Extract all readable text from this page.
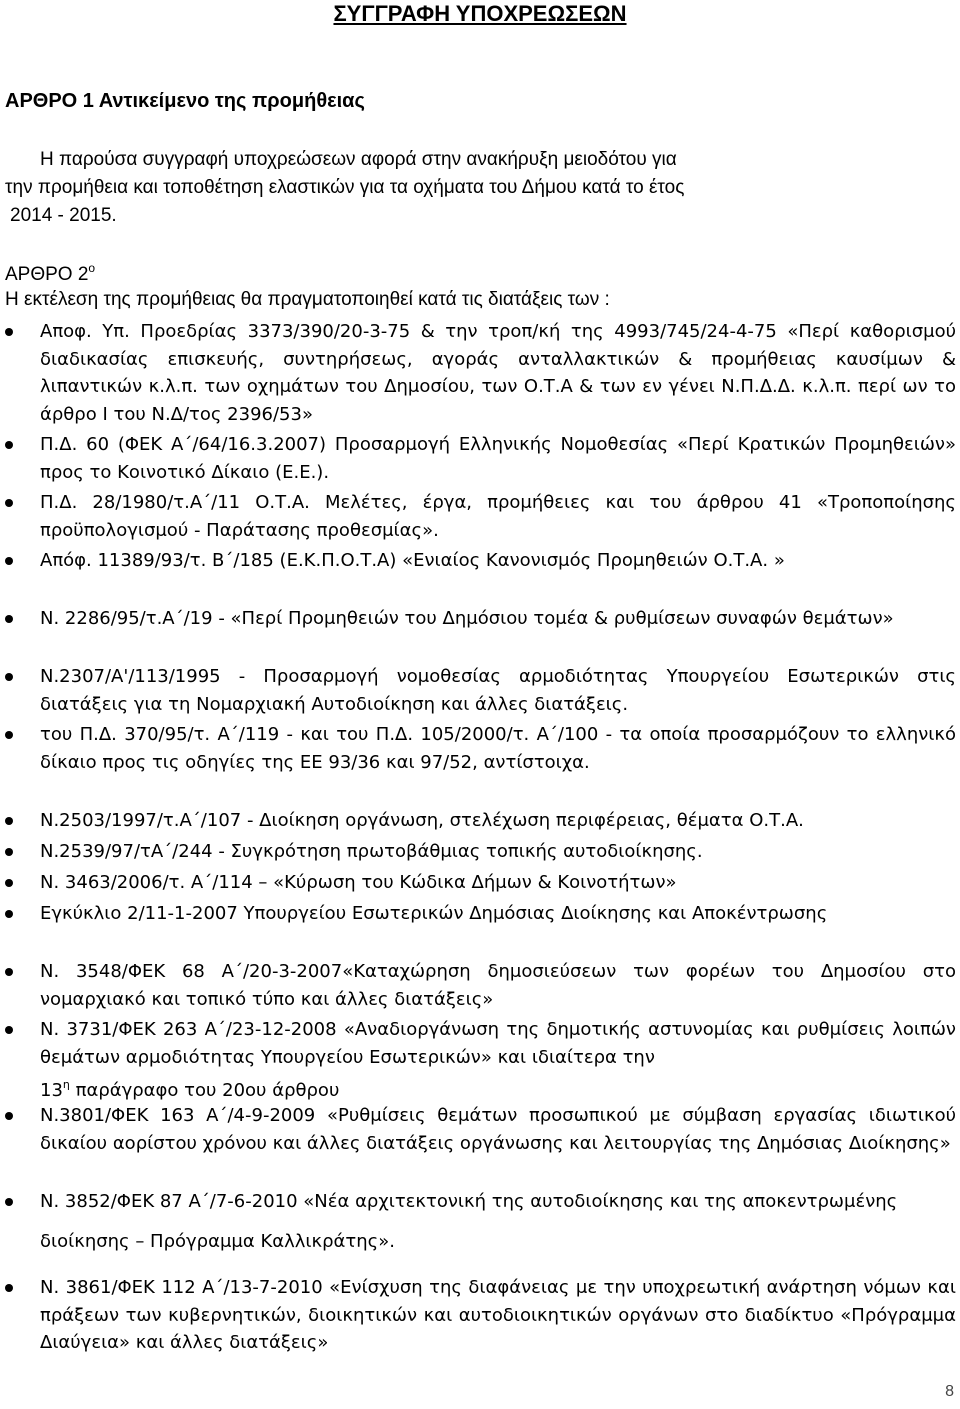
ΣΥΓΓΡΑΦΗ ΥΠΟΧΡΕΩΣΕΩΝ
ΑΡΘΡΟ 1 Αντικείμενο της προμήθειας
Η παρούσα συγγραφή υποχρεώσεων αφορά στην ανακήρυξη μειοδότου για
την προμήθεια και τοποθέτηση ελαστικών για τα οχήματα του Δήμου κατά το έτος
2014 - 2015.
ΑΡΘΡΟ $2^o$
Η εκτέλεση της προμήθειας θα πραγματοποιηθεί κατά τις διατάξεις των :
Αποφ. Υπ. Προεδρίας 3373/390/20-3-75 & την τροπ/κή της 4993/745/24-4-75 «Περί καθορισμού διαδικασίας επισκευής, συντηρήσεως, αγοράς ανταλλακτικών & προμήθειας καυσίμων & λιπαντικών κ.λ.π. των οχημάτων του Δημοσίου, των Ο.Τ.Α & των εν γένει Ν.Π.Δ.Δ. κ.λ.π. περί ων το άρθρο I του Ν.Δ/τος 2396/53»
Π.Δ. 60 (ΦΕΚ Α΄/64/16.3.2007) Προσαρμογή Ελληνικής Νομοθεσίας «Περί Κρατικών Προμηθειών» προς το Κοινοτικό Δίκαιο (Ε.Ε.).
Π.Δ. 28/1980/τ.Α΄/11 Ο.Τ.Α. Μελέτες, έργα, προμήθειες και του άρθρου 41 «Τροποποίησης προϋπολογισμού - Παράτασης προθεσμίας».
Απόφ. 11389/93/τ. Β΄/185 (Ε.Κ.Π.Ο.Τ.Α) «Ενιαίος Κανονισμός Προμηθειών Ο.Τ.Α. »
Ν. 2286/95/τ.Α΄/19 - «Περί Προμηθειών του Δημόσιου τομέα & ρυθμίσεων συναφών θεμάτων»
Ν.2307/Α'/113/1995 - Προσαρμογή νομοθεσίας αρμοδιότητας Υπουργείου Εσωτερικών στις διατάξεις για τη Νομαρχιακή Αυτοδιοίκηση και άλλες διατάξεις.
του Π.Δ. 370/95/τ. Α΄/119 - και του Π.Δ. 105/2000/τ. Α΄/100 - τα οποία προσαρμόζουν το ελληνικό δίκαιο προς τις οδηγίες της ΕΕ 93/36 και 97/52, αντίστοιχα.
Ν.2503/1997/τ.Α΄/107 - Διοίκηση οργάνωση, στελέχωση περιφέρειας, θέματα Ο.Τ.Α.
Ν.2539/97/τΑ΄/244 - Συγκρότηση πρωτοβάθμιας τοπικής αυτοδιοίκησης.
Ν. 3463/2006/τ. Α΄/114 – «Κύρωση του Κώδικα Δήμων & Κοινοτήτων»
Εγκύκλιο 2/11-1-2007 Υπουργείου Εσωτερικών Δημόσιας Διοίκησης και Αποκέντρωσης
Ν. 3548/ΦΕΚ 68 Α΄/20-3-2007«Καταχώρηση δημοσιεύσεων των φορέων του Δημοσίου στο νομαρχιακό και τοπικό τύπο και άλλες διατάξεις»
Ν. 3731/ΦΕΚ 263 Α΄/23-12-2008 «Αναδιοργάνωση της δημοτικής αστυνομίας και ρυθμίσεις λοιπών θεμάτων αρμοδιότητας Υπουργείου Εσωτερικών» και ιδιαίτερα την
$13^\eta$ παράγραφο του 20ου άρθρου
Ν.3801/ΦΕΚ 163 Α΄/4-9-2009 «Ρυθμίσεις θεμάτων προσωπικού με σύμβαση εργασίας ιδιωτικού δικαίου αορίστου χρόνου και άλλες διατάξεις οργάνωσης και λειτουργίας της Δημόσιας Διοίκησης»
Ν. 3852/ΦΕΚ 87 Α΄/7-6-2010 «Νέα αρχιτεκτονική της αυτοδιοίκησης και της αποκεντρωμένης
διοίκησης – Πρόγραμμα Καλλικράτης».
Ν. 3861/ΦΕΚ 112 Α΄/13-7-2010 «Ενίσχυση της διαφάνειας με την υποχρεωτική ανάρτηση νόμων και πράξεων των κυβερνητικών, διοικητικών και αυτοδιοικητικών οργάνων στο διαδίκτυο «Πρόγραμμα Διαύγεια» και άλλες διατάξεις»
8
